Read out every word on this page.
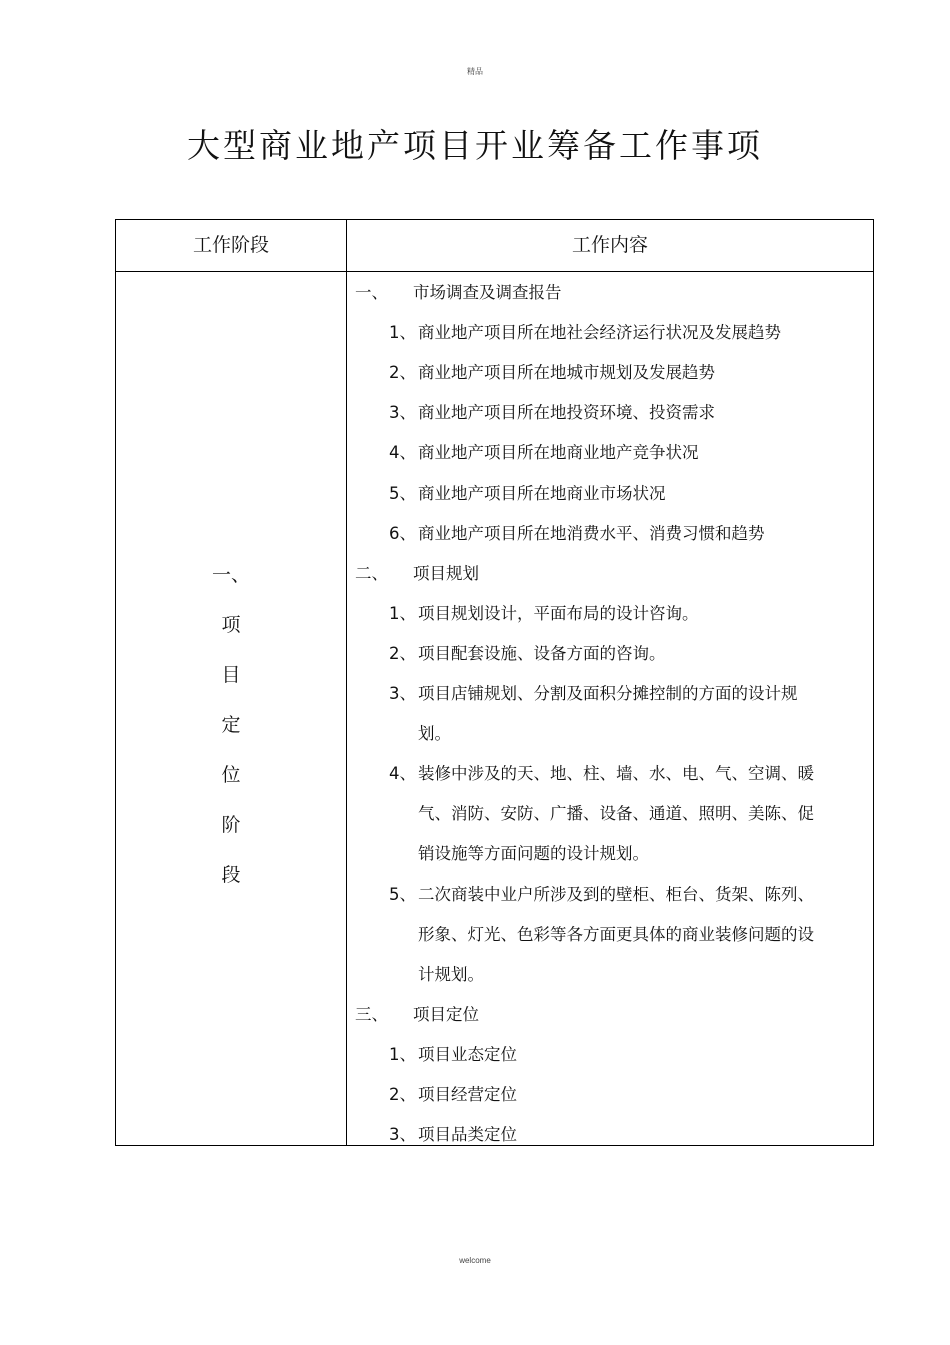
精品
大型商业地产项目开业筹备工作事项
工作阶段	工作内容
一、
项
目
定
位
阶
段
一、 市场调查及调查报告
1、 商业地产项目所在地社会经济运行状况及发展趋势
2、 商业地产项目所在地城市规划及发展趋势
3、 商业地产项目所在地投资环境、投资需求
4、 商业地产项目所在地商业地产竞争状况
5、 商业地产项目所在地商业市场状况
6、 商业地产项目所在地消费水平、消费习惯和趋势
二、 项目规划
1、 项目规划设计，平面布局的设计咨询。
2、 项目配套设施、设备方面的咨询。
3、 项目店铺规划、分割及面积分摊控制的方面的设计规
划。
4、 装修中涉及的天、地、柱、墙、水、电、气、空调、暖
气、消防、安防、广播、设备、通道、照明、美陈、促
销设施等方面问题的设计规划。
5、 二次商装中业户所涉及到的壁柜、柜台、货架、陈列、
形象、灯光、色彩等各方面更具体的商业装修问题的设
计规划。
三、 项目定位
1、 项目业态定位
2、 项目经营定位
3、 项目品类定位
welcome
